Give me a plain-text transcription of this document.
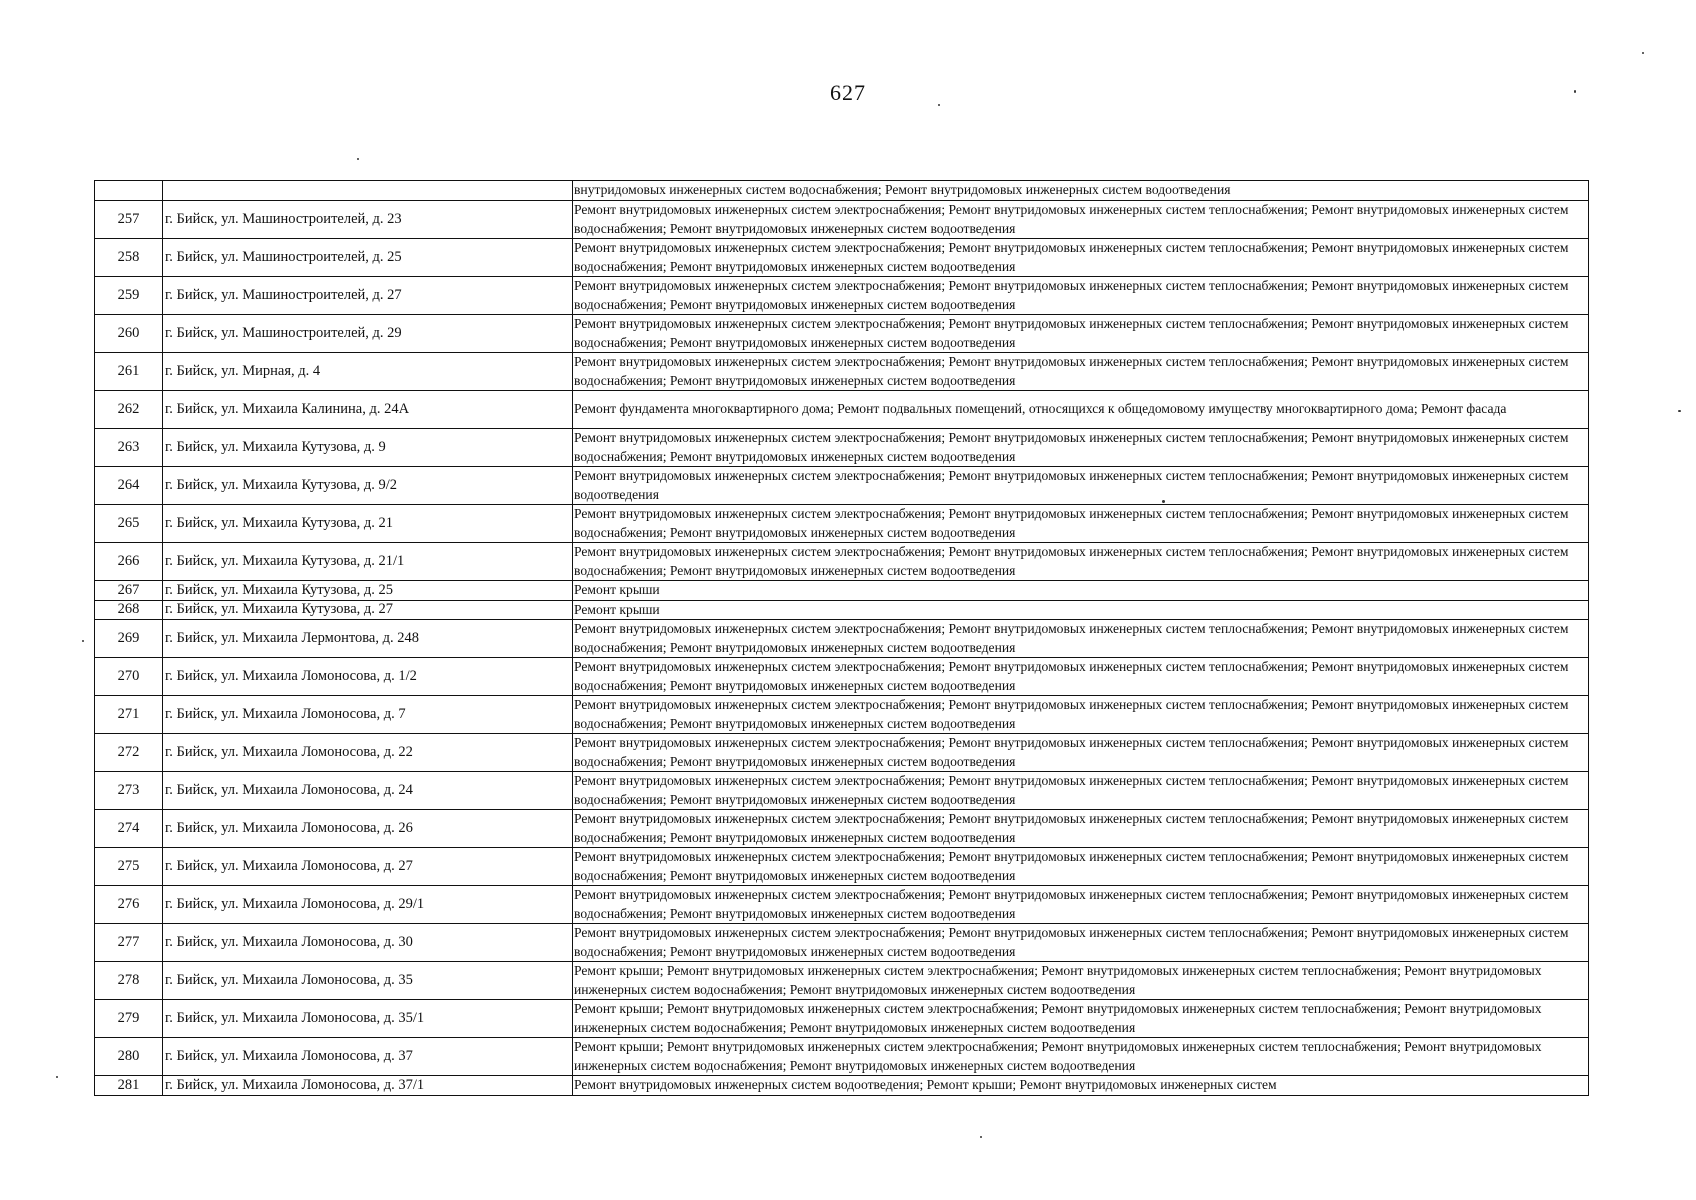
627
		внутридомовых инженерных систем водоснабжения; Ремонт внутридомовых инженерных систем водоотведения
257	г. Бийск, ул. Машиностроителей, д. 23	Ремонт внутридомовых инженерных систем электроснабжения; Ремонт внутридомовых инженерных систем теплоснабжения; Ремонт внутридомовых инженерных систем водоснабжения; Ремонт внутридомовых инженерных систем водоотведения
258	г. Бийск, ул. Машиностроителей, д. 25	Ремонт внутридомовых инженерных систем электроснабжения; Ремонт внутридомовых инженерных систем теплоснабжения; Ремонт внутридомовых инженерных систем водоснабжения; Ремонт внутридомовых инженерных систем водоотведения
259	г. Бийск, ул. Машиностроителей, д. 27	Ремонт внутридомовых инженерных систем электроснабжения; Ремонт внутридомовых инженерных систем теплоснабжения; Ремонт внутридомовых инженерных систем водоснабжения; Ремонт внутридомовых инженерных систем водоотведения
260	г. Бийск, ул. Машиностроителей, д. 29	Ремонт внутридомовых инженерных систем электроснабжения; Ремонт внутридомовых инженерных систем теплоснабжения; Ремонт внутридомовых инженерных систем водоснабжения; Ремонт внутридомовых инженерных систем водоотведения
261	г. Бийск, ул. Мирная, д. 4	Ремонт внутридомовых инженерных систем электроснабжения; Ремонт внутридомовых инженерных систем теплоснабжения; Ремонт внутридомовых инженерных систем водоснабжения; Ремонт внутридомовых инженерных систем водоотведения
262	г. Бийск, ул. Михаила Калинина, д. 24А	Ремонт фундамента многоквартирного дома; Ремонт подвальных помещений, относящихся к общедомовому имуществу многоквартирного дома; Ремонт фасада
263	г. Бийск, ул. Михаила Кутузова, д. 9	Ремонт внутридомовых инженерных систем электроснабжения; Ремонт внутридомовых инженерных систем теплоснабжения; Ремонт внутридомовых инженерных систем водоснабжения; Ремонт внутридомовых инженерных систем водоотведения
264	г. Бийск, ул. Михаила Кутузова, д. 9/2	Ремонт внутридомовых инженерных систем электроснабжения; Ремонт внутридомовых инженерных систем теплоснабжения; Ремонт внутридомовых инженерных систем водоотведения
265	г. Бийск, ул. Михаила Кутузова, д. 21	Ремонт внутридомовых инженерных систем электроснабжения; Ремонт внутридомовых инженерных систем теплоснабжения; Ремонт внутридомовых инженерных систем водоснабжения; Ремонт внутридомовых инженерных систем водоотведения
266	г. Бийск, ул. Михаила Кутузова, д. 21/1	Ремонт внутридомовых инженерных систем электроснабжения; Ремонт внутридомовых инженерных систем теплоснабжения; Ремонт внутридомовых инженерных систем водоснабжения; Ремонт внутридомовых инженерных систем водоотведения
267	г. Бийск, ул. Михаила Кутузова, д. 25	Ремонт крыши
268	г. Бийск, ул. Михаила Кутузова, д. 27	Ремонт крыши
269	г. Бийск, ул. Михаила Лермонтова, д. 248	Ремонт внутридомовых инженерных систем электроснабжения; Ремонт внутридомовых инженерных систем теплоснабжения; Ремонт внутридомовых инженерных систем водоснабжения; Ремонт внутридомовых инженерных систем водоотведения
270	г. Бийск, ул. Михаила Ломоносова, д. 1/2	Ремонт внутридомовых инженерных систем электроснабжения; Ремонт внутридомовых инженерных систем теплоснабжения; Ремонт внутридомовых инженерных систем водоснабжения; Ремонт внутридомовых инженерных систем водоотведения
271	г. Бийск, ул. Михаила Ломоносова, д. 7	Ремонт внутридомовых инженерных систем электроснабжения; Ремонт внутридомовых инженерных систем теплоснабжения; Ремонт внутридомовых инженерных систем водоснабжения; Ремонт внутридомовых инженерных систем водоотведения
272	г. Бийск, ул. Михаила Ломоносова, д. 22	Ремонт внутридомовых инженерных систем электроснабжения; Ремонт внутридомовых инженерных систем теплоснабжения; Ремонт внутридомовых инженерных систем водоснабжения; Ремонт внутридомовых инженерных систем водоотведения
273	г. Бийск, ул. Михаила Ломоносова, д. 24	Ремонт внутридомовых инженерных систем электроснабжения; Ремонт внутридомовых инженерных систем теплоснабжения; Ремонт внутридомовых инженерных систем водоснабжения; Ремонт внутридомовых инженерных систем водоотведения
274	г. Бийск, ул. Михаила Ломоносова, д. 26	Ремонт внутридомовых инженерных систем электроснабжения; Ремонт внутридомовых инженерных систем теплоснабжения; Ремонт внутридомовых инженерных систем водоснабжения; Ремонт внутридомовых инженерных систем водоотведения
275	г. Бийск, ул. Михаила Ломоносова, д. 27	Ремонт внутридомовых инженерных систем электроснабжения; Ремонт внутридомовых инженерных систем теплоснабжения; Ремонт внутридомовых инженерных систем водоснабжения; Ремонт внутридомовых инженерных систем водоотведения
276	г. Бийск, ул. Михаила Ломоносова, д. 29/1	Ремонт внутридомовых инженерных систем электроснабжения; Ремонт внутридомовых инженерных систем теплоснабжения; Ремонт внутридомовых инженерных систем водоснабжения; Ремонт внутридомовых инженерных систем водоотведения
277	г. Бийск, ул. Михаила Ломоносова, д. 30	Ремонт внутридомовых инженерных систем электроснабжения; Ремонт внутридомовых инженерных систем теплоснабжения; Ремонт внутридомовых инженерных систем водоснабжения; Ремонт внутридомовых инженерных систем водоотведения
278	г. Бийск, ул. Михаила Ломоносова, д. 35	Ремонт крыши; Ремонт внутридомовых инженерных систем электроснабжения; Ремонт внутридомовых инженерных систем теплоснабжения; Ремонт внутридомовых инженерных систем водоснабжения; Ремонт внутридомовых инженерных систем водоотведения
279	г. Бийск, ул. Михаила Ломоносова, д. 35/1	Ремонт крыши; Ремонт внутридомовых инженерных систем электроснабжения; Ремонт внутридомовых инженерных систем теплоснабжения; Ремонт внутридомовых инженерных систем водоснабжения; Ремонт внутридомовых инженерных систем водоотведения
280	г. Бийск, ул. Михаила Ломоносова, д. 37	Ремонт крыши; Ремонт внутридомовых инженерных систем электроснабжения; Ремонт внутридомовых инженерных систем теплоснабжения; Ремонт внутридомовых инженерных систем водоснабжения; Ремонт внутридомовых инженерных систем водоотведения
281	г. Бийск, ул. Михаила Ломоносова, д. 37/1	Ремонт внутридомовых инженерных систем водоотведения; Ремонт крыши; Ремонт внутридомовых инженерных систем
